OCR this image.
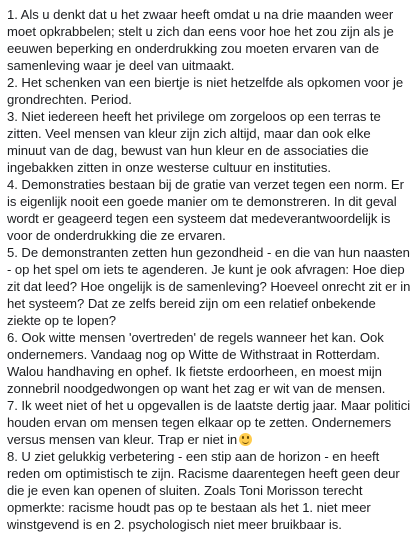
1. Als u denkt dat u het zwaar heeft omdat u na drie maanden weer moet opkrabbelen; stelt u zich dan eens voor hoe het zou zijn als je eeuwen beperking en onderdrukking zou moeten ervaren van de samenleving waar je deel van uitmaakt.

2. Het schenken van een biertje is niet hetzelfde als opkomen voor je grondrechten. Period.

3. Niet iedereen heeft het privilege om zorgeloos op een terras te zitten. Veel mensen van kleur zijn zich altijd, maar dan ook elke minuut van de dag, bewust van hun kleur en de associaties die ingebakken zitten in onze westerse cultuur en instituties.

4. Demonstraties bestaan bij de gratie van verzet tegen een norm. Er is eigenlijk nooit een goede manier om te demonstreren. In dit geval wordt er geageerd tegen een systeem dat medeverantwoordelijk is voor de onderdrukking die ze ervaren.

5. De demonstranten zetten hun gezondheid - en die van hun naasten - op het spel om iets te agenderen. Je kunt je ook afvragen: Hoe diep zit dat leed? Hoe ongelijk is de samenleving? Hoeveel onrecht zit er in het systeem? Dat ze zelfs bereid zijn om een relatief onbekende ziekte op te lopen?

6. Ook witte mensen 'overtreden' de regels wanneer het kan. Ook ondernemers. Vandaag nog op Witte de Withstraat in Rotterdam. Walou handhaving en ophef. Ik fietste erdoorheen, en moest mijn zonnebril noodgedwongen op want het zag er wit van de mensen.

7. Ik weet niet of het u opgevallen is de laatste dertig jaar. Maar politici houden ervan om mensen tegen elkaar op te zetten. Ondernemers versus mensen van kleur. Trap er niet in

8. U ziet gelukkig verbetering - een stip aan de horizon - en heeft reden om optimistisch te zijn. Racisme daarentegen heeft geen deur die je even kan openen of sluiten. Zoals Toni Morisson terecht opmerkte: racisme houdt pas op te bestaan als het 1. niet meer winstgevend is en 2. psychologisch niet meer bruikbaar is.
